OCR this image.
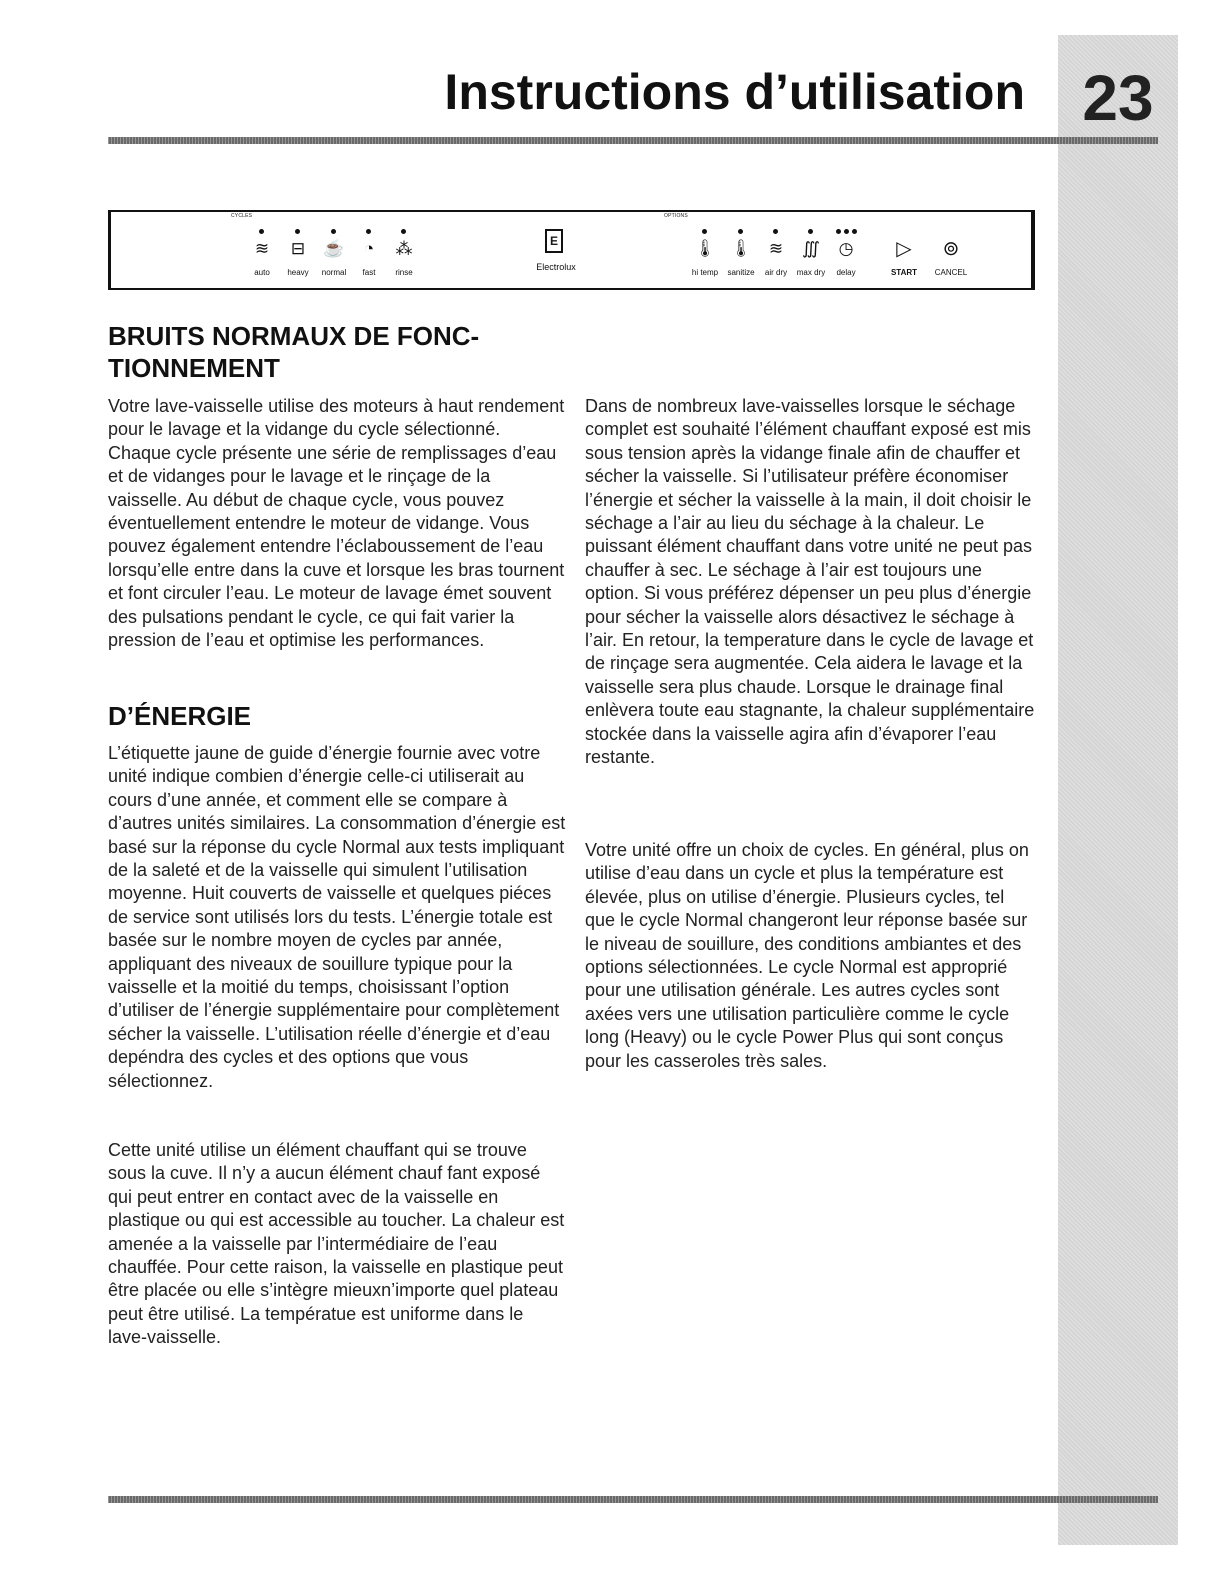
23
Instructions d’utilisation
CYCLES
≋	⊟	☕	◔	⁂
auto	heavy	normal	fast	rinse
E
Electrolux
OPTIONS
🌡 🌡	≋	∭	◷
hi temp	sanitize	air dry	max dry	delay
▷	⊚
START	CANCEL
BRUITS NORMAUX DE FONC-
TIONNEMENT

Votre lave-vaisselle utilise des moteurs à haut rendement pour le lavage et la vidange du cycle sélectionné. Chaque cycle présente une série de remplissages d’eau et de vidanges pour le lavage et le rinçage de la vaisselle. Au début de chaque cycle, vous pouvez éventuellement entendre le moteur de vidange. Vous pouvez également entendre l’éclaboussement de l’eau lorsqu’elle entre dans la cuve et lorsque les bras tournent et font circuler l’eau. Le moteur de lavage émet souvent des pulsations pendant le cycle, ce qui fait varier la pression de l’eau et optimise les performances.

D’ÉNERGIE

L’étiquette jaune de guide d’énergie fournie avec votre unité indique combien d’énergie celle-ci utiliserait au cours d’une année, et comment elle se compare à d’autres unités similaires. La consommation d’énergie est basé sur la réponse du cycle Normal aux tests impliquant de la saleté et de la vaisselle qui simulent l’utilisation moyenne. Huit couverts de vaisselle et quelques piéces de service sont utilisés lors du tests. L’énergie totale est basée sur le nombre moyen de cycles par année, appliquant des niveaux de souillure typique pour la vaisselle et la moitié du temps, choisissant l’option d’utiliser de l’énergie supplémentaire pour complètement sécher la vaisselle. L’utilisation réelle d’énergie et d’eau depéndra des cycles et des options que vous sélectionnez.

Cette unité utilise un élément chauffant qui se trouve sous la cuve. Il n’y a aucun élément chauf fant exposé qui peut entrer en contact avec de la vaisselle en plastique ou qui est accessible au toucher. La chaleur est amenée a la vaisselle par l’intermédiaire de l’eau chauffée. Pour cette raison, la vaisselle en plastique peut être placée ou elle s’intègre mieuxn’importe quel plateau peut être utilisé. La températue est uniforme dans le lave-vaisselle.

Dans de nombreux lave-vaisselles lorsque le séchage complet est souhaité l’élément chauffant exposé est mis sous tension après la vidange finale afin de chauffer et sécher la vaisselle. Si l’utilisateur préfère économiser l’énergie et sécher la vaisselle à la main, il doit choisir le séchage a l’air au lieu du séchage à la chaleur. Le puissant élément chauffant dans votre unité ne peut pas chauffer à sec. Le séchage à l’air est toujours une option. Si vous préférez dépenser un peu plus d’énergie pour sécher la vaisselle alors désactivez le séchage à l’air. En retour, la temperature dans le cycle de lavage et de rinçage sera augmentée. Cela aidera le lavage et la vaisselle sera plus chaude. Lorsque le drainage final enlèvera toute eau stagnante, la chaleur supplémentaire stockée dans la vaisselle agira afin d’évaporer l’eau restante.

Votre unité offre un choix de cycles. En général, plus on utilise d’eau dans un cycle et plus la température est élevée, plus on utilise d’énergie. Plusieurs cycles, tel que le cycle Normal changeront leur réponse basée sur le niveau de souillure, des conditions ambiantes et des options sélectionnées. Le cycle Normal est approprié pour une utilisation générale. Les autres cycles sont axées vers une utilisation particulière comme le cycle long (Heavy) ou le cycle Power Plus qui sont conçus pour les casseroles très sales.
